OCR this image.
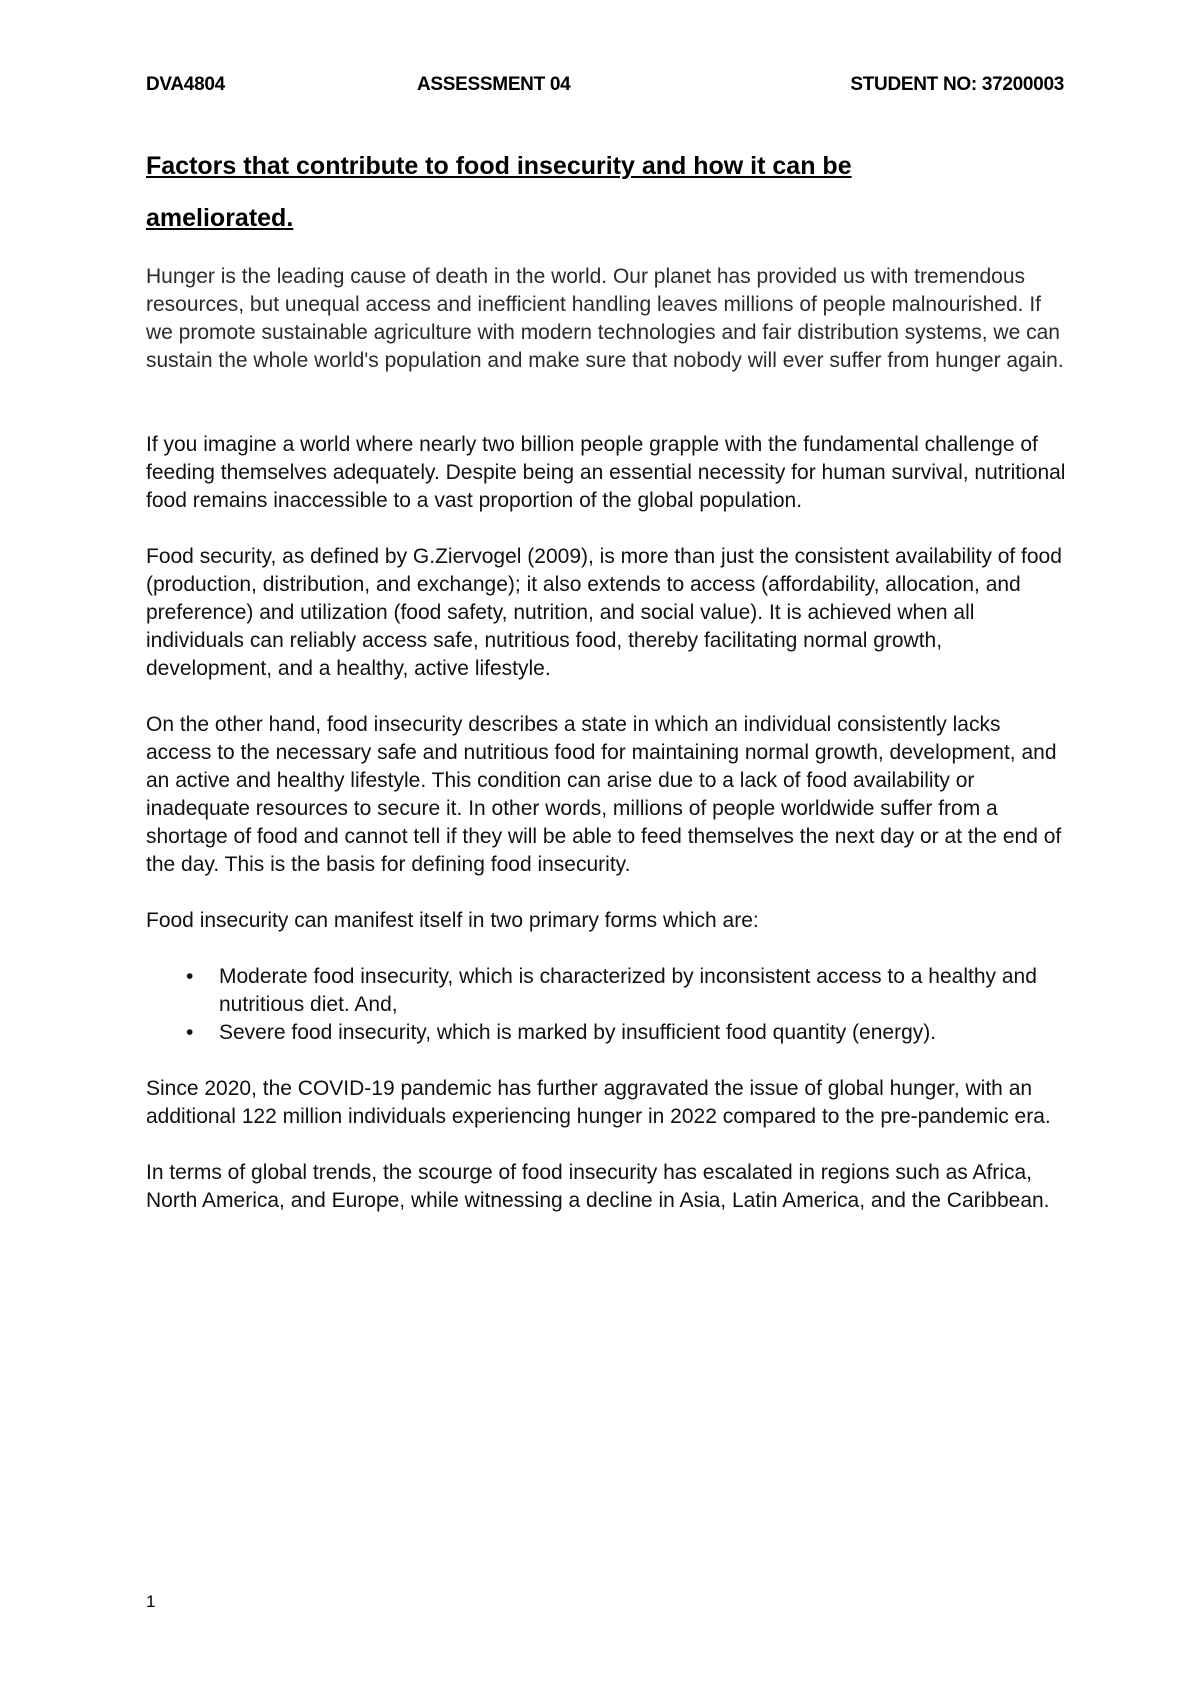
DVA4804	ASSESSMENT 04	STUDENT NO: 37200003
Factors that contribute to food insecurity and how it can be
ameliorated.

Hunger is the leading cause of death in the world. Our planet has provided us with tremendous resources, but unequal access and inefficient handling leaves millions of people malnourished. If we promote sustainable agriculture with modern technologies and fair distribution systems, we can sustain the whole world's population and make sure that nobody will ever suffer from hunger again.

If you imagine a world where nearly two billion people grapple with the fundamental challenge of feeding themselves adequately. Despite being an essential necessity for human survival, nutritional food remains inaccessible to a vast proportion of the global population.

Food security, as defined by G.Ziervogel (2009), is more than just the consistent availability of food (production, distribution, and exchange); it also extends to access (affordability, allocation, and preference) and utilization (food safety, nutrition, and social value). It is achieved when all individuals can reliably access safe, nutritious food, thereby facilitating normal growth, development, and a healthy, active lifestyle.

On the other hand, food insecurity describes a state in which an individual consistently lacks access to the necessary safe and nutritious food for maintaining normal growth, development, and an active and healthy lifestyle. This condition can arise due to a lack of food availability or inadequate resources to secure it. In other words, millions of people worldwide suffer from a shortage of food and cannot tell if they will be able to feed themselves the next day or at the end of the day. This is the basis for defining food insecurity.

Food insecurity can manifest itself in two primary forms which are:

• Moderate food insecurity, which is characterized by inconsistent access to a healthy and nutritious diet. And,
• Severe food insecurity, which is marked by insufficient food quantity (energy).

Since 2020, the COVID-19 pandemic has further aggravated the issue of global hunger, with an additional 122 million individuals experiencing hunger in 2022 compared to the pre-pandemic era.

In terms of global trends, the scourge of food insecurity has escalated in regions such as Africa, North America, and Europe, while witnessing a decline in Asia, Latin America, and the Caribbean.

1
